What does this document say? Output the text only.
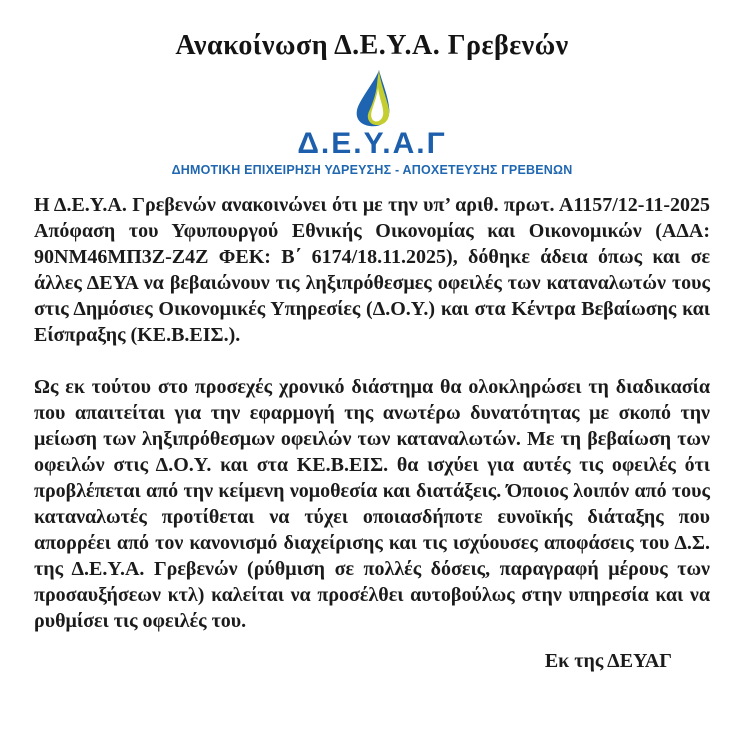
Ανακοίνωση Δ.Ε.Υ.Α. Γρεβενών
Δ.Ε.Υ.Α.Γ
ΔΗΜΟΤΙΚΗ ΕΠΙΧΕΙΡΗΣΗ ΥΔΡΕΥΣΗΣ - ΑΠΟΧΕΤΕΥΣΗΣ ΓΡΕΒΕΝΩΝ

Η Δ.Ε.Υ.Α. Γρεβενών ανακοινώνει ότι με την υπ’ αριθ. πρωτ. Α1157/12-11-2025 Απόφαση του Υφυπουργού Εθνικής Οικονομίας και Οικονομικών (ΑΔΑ: 90ΝΜ46ΜΠ3Ζ-Ζ4Ζ ΦΕΚ: Β΄ 6174/18.11.2025), δόθηκε άδεια όπως και σε άλλες ΔΕΥΑ να βεβαιώνουν τις ληξιπρόθεσμες οφειλές των καταναλωτών τους στις Δημόσιες Οικονομικές Υπηρεσίες (Δ.Ο.Υ.) και στα Κέντρα Βεβαίωσης και Είσπραξης (ΚΕ.Β.ΕΙΣ.).

Ως εκ τούτου στο προσεχές χρονικό διάστημα θα ολοκληρώσει τη διαδικασία που απαιτείται για την εφαρμογή της ανωτέρω δυνατότητας με σκοπό την μείωση των ληξιπρόθεσμων οφειλών των καταναλωτών. Με τη βεβαίωση των οφειλών στις Δ.Ο.Υ. και στα ΚΕ.Β.ΕΙΣ. θα ισχύει για αυτές τις οφειλές ότι προβλέπεται από την κείμενη νομοθεσία και διατάξεις. Όποιος λοιπόν από τους καταναλωτές προτίθεται να τύχει οποιασδήποτε ευνοϊκής διάταξης που απορρέει από τον κανονισμό διαχείρισης και τις ισχύουσες αποφάσεις του Δ.Σ. της Δ.Ε.Υ.Α. Γρεβενών (ρύθμιση σε πολλές δόσεις, παραγραφή μέρους των προσαυξήσεων κτλ) καλείται να προσέλθει αυτοβούλως στην υπηρεσία και να ρυθμίσει τις οφειλές του.

Εκ της ΔΕΥΑΓ
